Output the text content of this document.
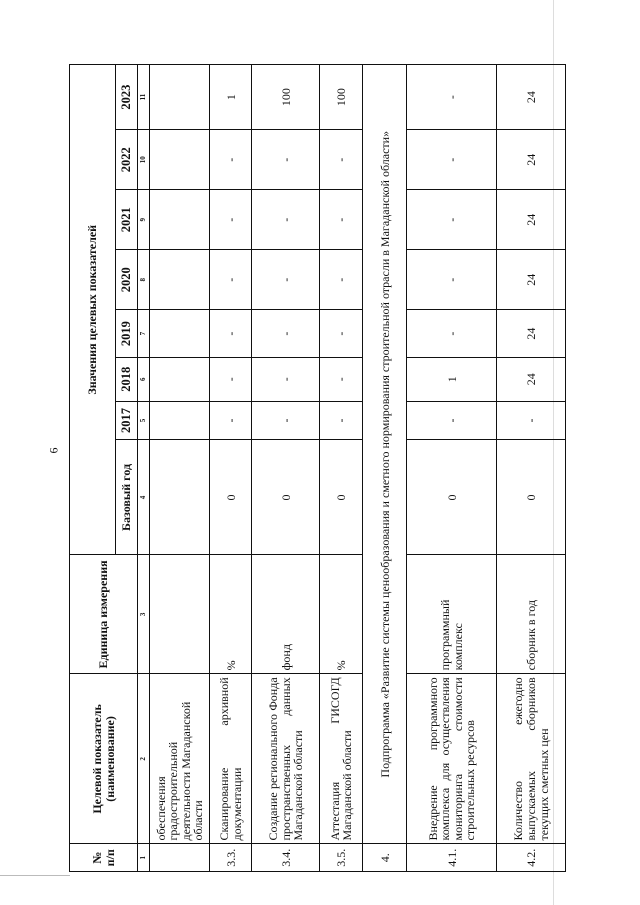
6
№ п/п	Целевой показатель (наименование)	Единица измерения	Значения целевых показателей							
			Базовый год	2017	2018	2019	2020	2021	2022	2023
1	2	3	4	5	6	7	8	9	10	11
	обеспечения градостроительной деятельности Магаданской области									
3.3.	Сканирование архивной документации	%	0	-	-	-	-	-	-	1
3.4.	Создание регионального Фонда пространственных данных Магаданской области	фонд	0	-	-	-	-	-	-	100
3.5.	Аттестация ГИСОГД Магаданской области	%	0	-	-	-	-	-	-	100
4.	Подпрограмма «Развитие системы ценообразования и сметного нормирования строительной отрасли в Магаданской области»									
4.1.	Внедрение программного комплекса для осуществления мониторинга стоимости строительных ресурсов	программный комплекс	0	-	1	-	-	-	-	-
4.2.	Количество ежегодно выпускаемых сборников текущих сметных цен	сборник в год	0	-	24	24	24	24	24	24
